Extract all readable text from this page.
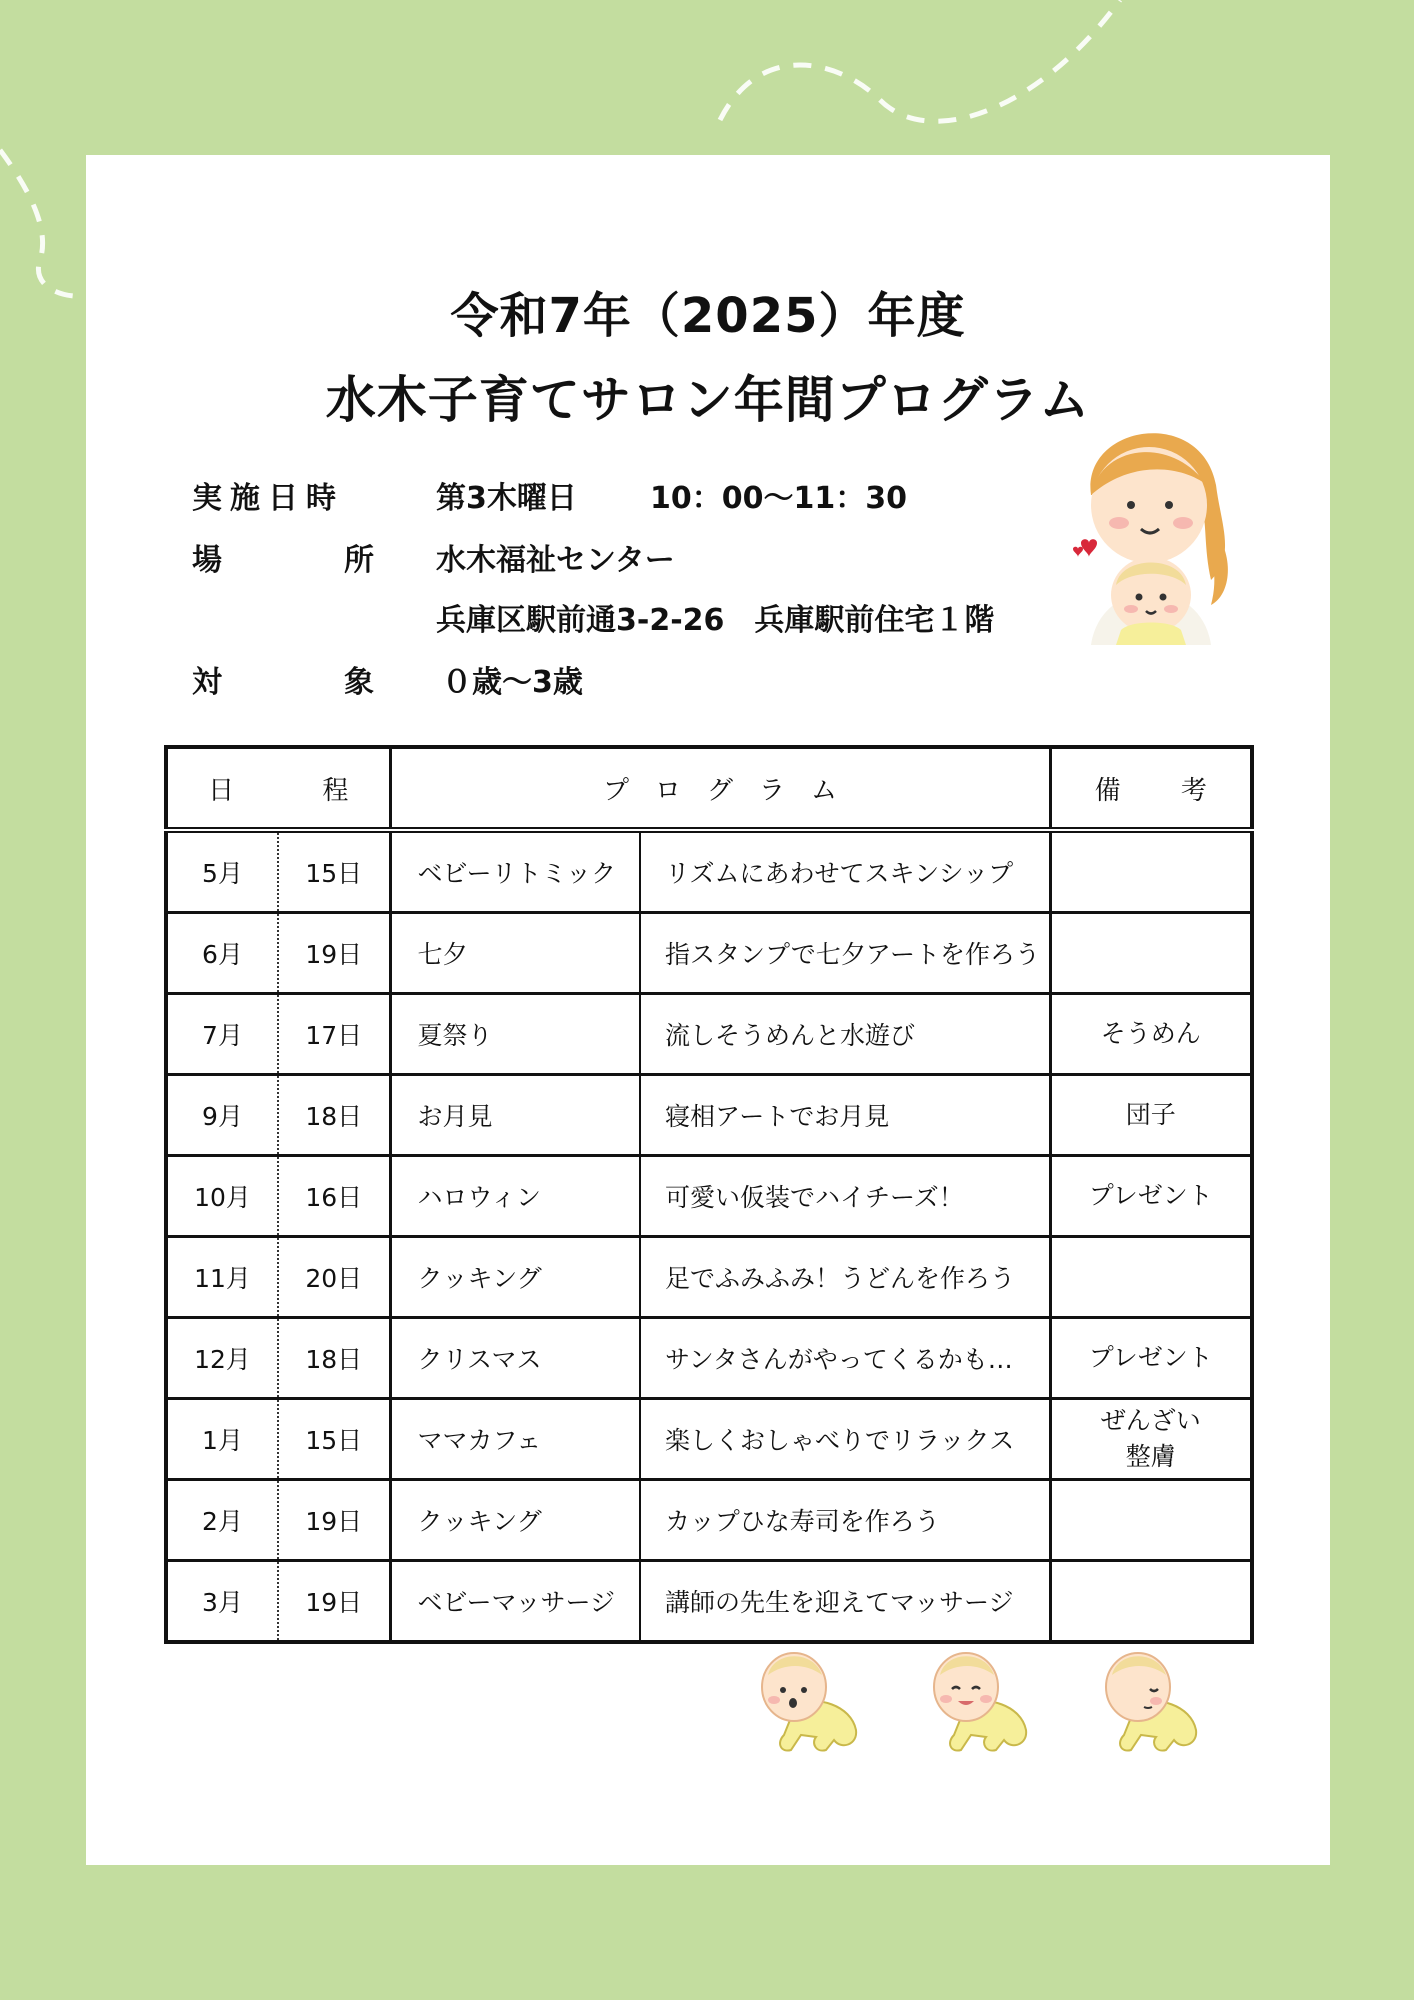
令和7年（2025）年度
水木子育てサロン年間プログラム
実施日時	第3木曜日 10：00〜11：30
場	所 水木福祉センター
兵庫区駅前通3-2-26　兵庫駅前住宅１階
対	象 ０歳〜3歳
日 程		プ　ロ　グ　ラ　ム		備 考
5月	15日	ベビーリトミック	リズムにあわせてスキンシップ	
6月	19日	七夕	指スタンプで七夕アートを作ろう	
7月	17日	夏祭り	流しそうめんと水遊び	そうめん
9月	18日	お月見	寝相アートでお月見	団子
10月	16日	ハロウィン	可愛い仮装でハイチーズ！	プレゼント
11月	20日	クッキング	足でふみふみ！うどんを作ろう	
12月	18日	クリスマス	サンタさんがやってくるかも…	プレゼント
1月	15日	ママカフェ	楽しくおしゃべりでリラックス	ぜんざい
整膚
2月	19日	クッキング	カップひな寿司を作ろう	
3月	19日	ベビーマッサージ	講師の先生を迎えてマッサージ	
